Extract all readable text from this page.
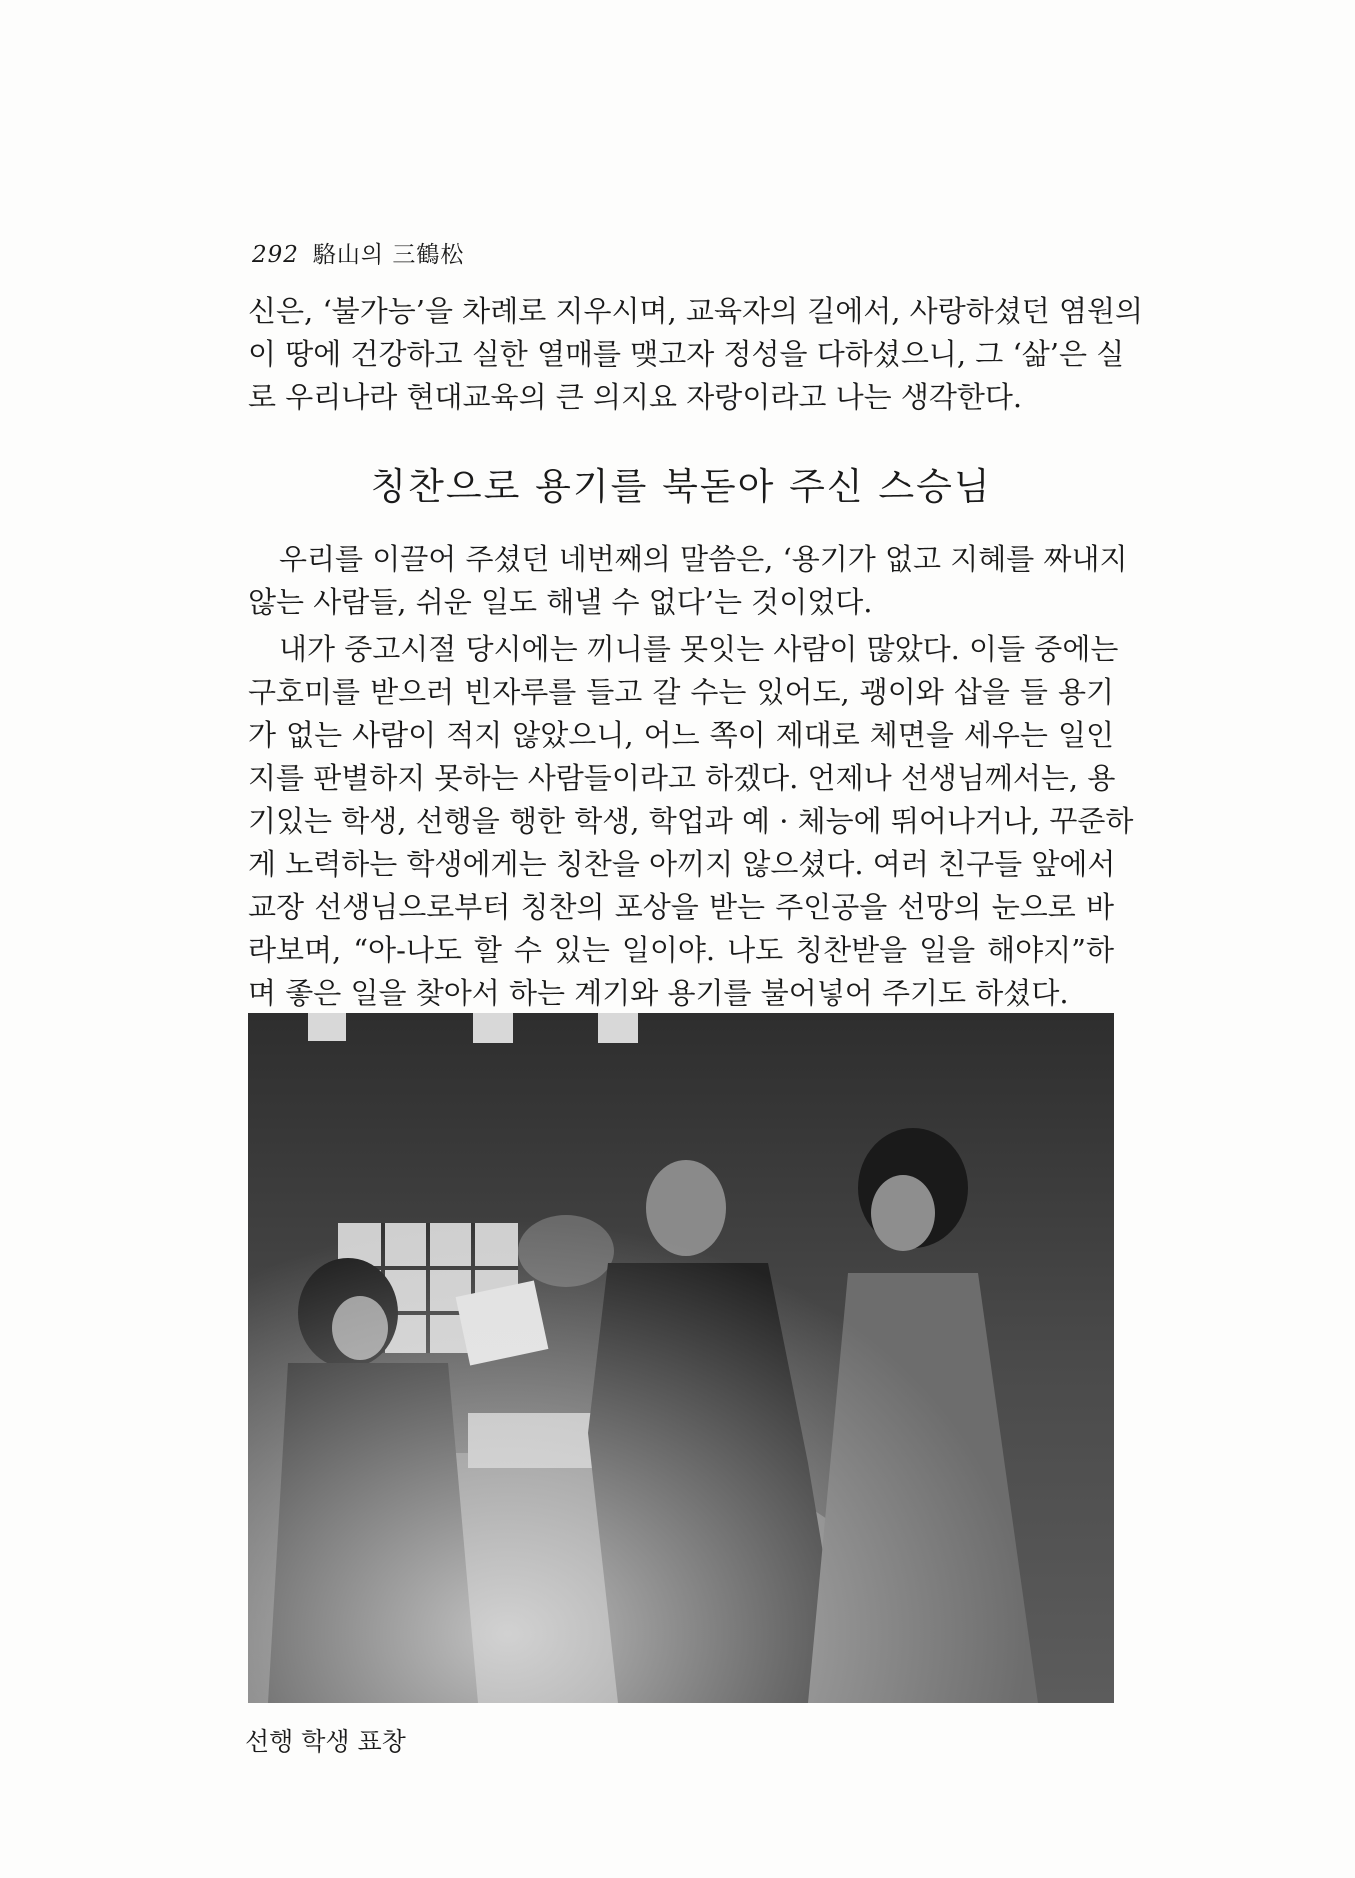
292 駱山의 三鶴松
신은, ‘불가능’을 차례로 지우시며, 교육자의 길에서, 사랑하셨던 염원의
이 땅에 건강하고 실한 열매를 맺고자 정성을 다하셨으니, 그 ‘삶’은 실
로 우리나라 현대교육의 큰 의지요 자랑이라고 나는 생각한다.
칭찬으로 용기를 북돋아 주신 스승님
우리를 이끌어 주셨던 네번째의 말씀은, ‘용기가 없고 지혜를 짜내지
않는 사람들, 쉬운 일도 해낼 수 없다’는 것이었다.
내가 중고시절 당시에는 끼니를 못잇는 사람이 많았다. 이들 중에는
구호미를 받으러 빈자루를 들고 갈 수는 있어도, 괭이와 삽을 들 용기
가 없는 사람이 적지 않았으니, 어느 쪽이 제대로 체면을 세우는 일인
지를 판별하지 못하는 사람들이라고 하겠다. 언제나 선생님께서는, 용
기있는 학생, 선행을 행한 학생, 학업과 예 · 체능에 뛰어나거나, 꾸준하
게 노력하는 학생에게는 칭찬을 아끼지 않으셨다. 여러 친구들 앞에서
교장 선생님으로부터 칭찬의 포상을 받는 주인공을 선망의 눈으로 바
라보며, “아-나도 할 수 있는 일이야. 나도 칭찬받을 일을 해야지”하
며 좋은 일을 찾아서 하는 계기와 용기를 불어넣어 주기도 하셨다.
선행 학생 표창
